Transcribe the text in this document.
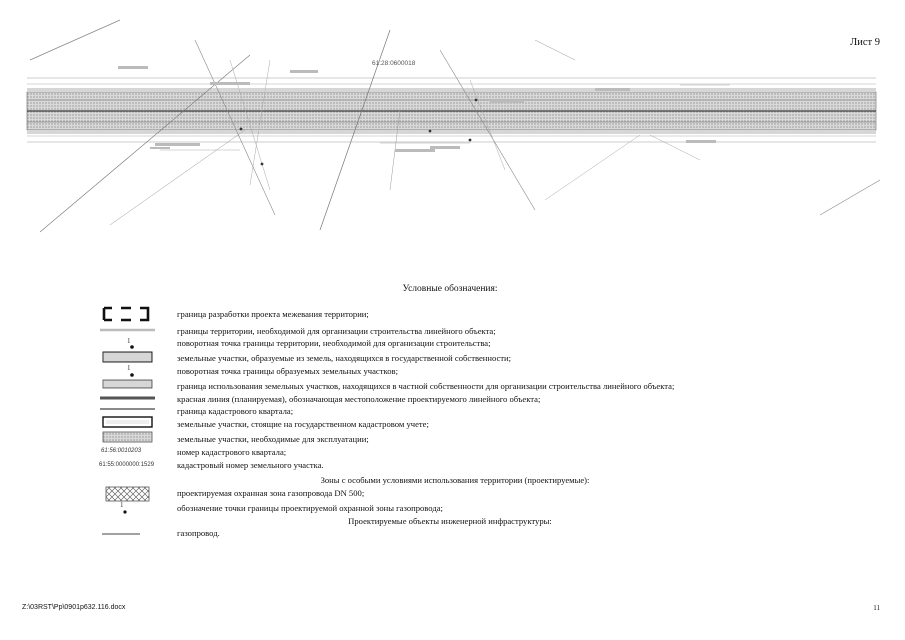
Лист 9
61:28:0600018
Условные обозначения:
граница разработки проекта межевания территории;
границы территории, необходимой для организации строительства линейного объекта;
1	поворотная точка границы территории, необходимой для организации строительства;
земельные участки, образуемые из земель, находящихся в государственной собственности;
1	поворотная точка границы образуемых земельных участков;
граница использования земельных участков, находящихся в частной собственности для организации строительства линейного объекта;
красная линия (планируемая), обозначающая местоположение проектируемого линейного объекта;
граница кадастрового квартала;
земельные участки, стоящие на государственном кадастровом учете;
земельные участки, необходимые для эксплуатации;
61:56:0010203	номер кадастрового квартала;
61:55:0000000:1529	кадастровый номер земельного участка.
Зоны с особыми условиями использования территории (проектируемые):
проектируемая охранная зона газопровода DN 500;
1	обозначение точки границы проектируемой охранной зоны газопровода;
Проектируемые объекты инженерной инфраструктуры:
газопровод.
Z:\03RST\Pp\0901p632.116.docx	11
